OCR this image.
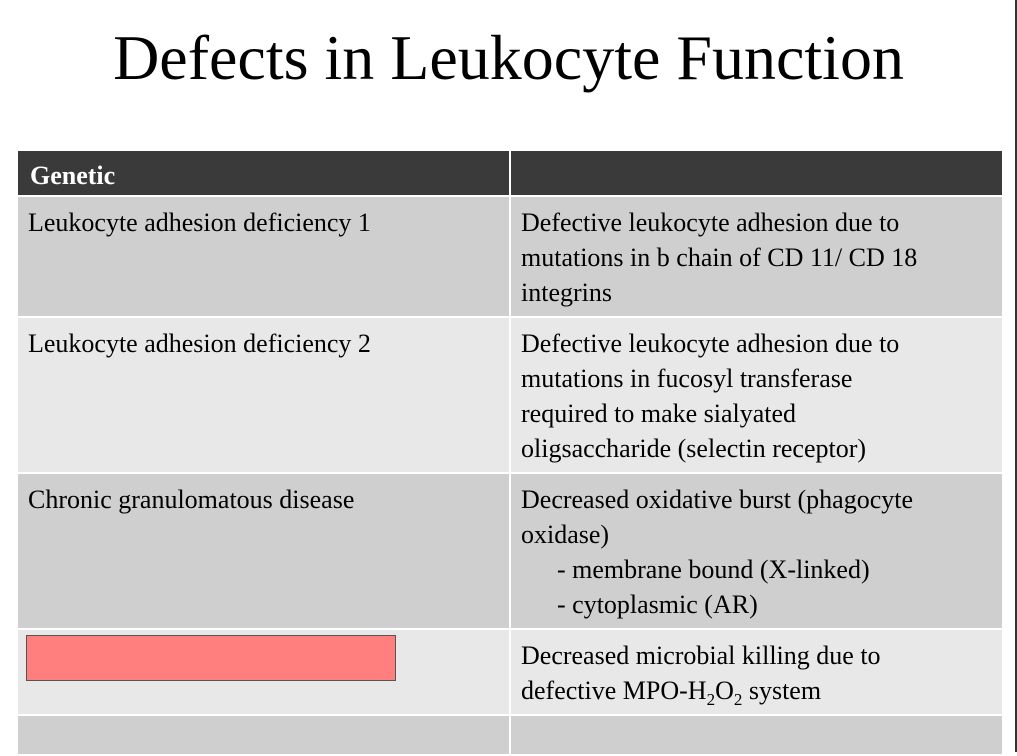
Defects in Leukocyte Function
Genetic	
Leukocyte adhesion deficiency 1	Defective leukocyte adhesion due to
mutations in b chain of CD 11/ CD 18
integrins

Leukocyte adhesion deficiency 2	Defective leukocyte adhesion due to
mutations in fucosyl transferase
required to make sialyated
oligsaccharide (selectin receptor)

Chronic granulomatous disease	Decreased oxidative burst (phagocyte
oxidase)
- membrane bound (X-linked)
- cytoplasmic (AR)

	Decreased microbial killing due to
defective MPO-$H_2O_2$ system
